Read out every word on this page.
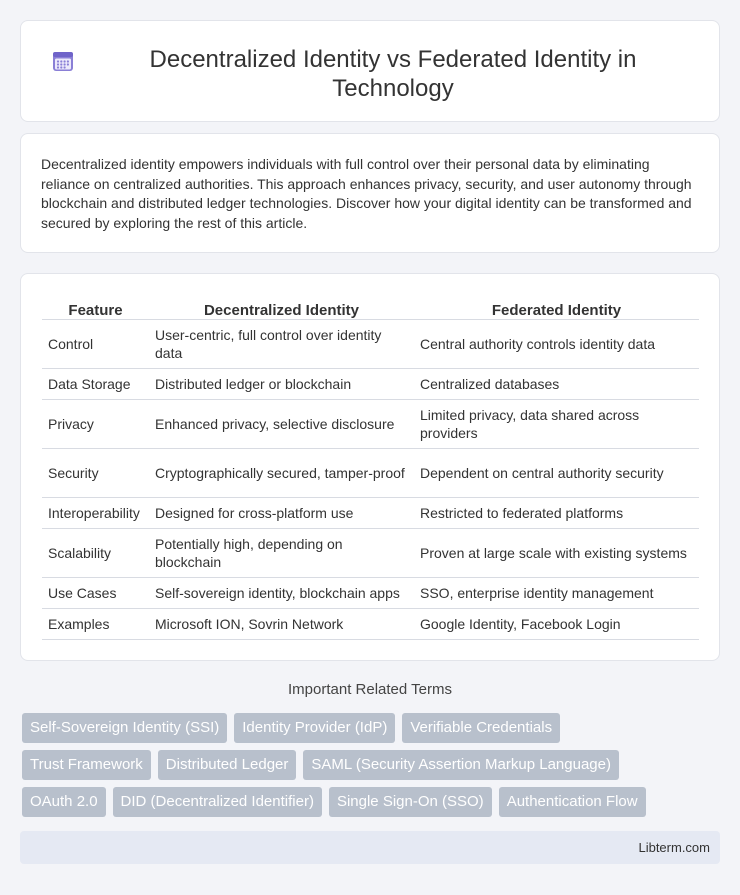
Decentralized Identity vs Federated Identity in Technology

Decentralized identity empowers individuals with full control over their personal data by eliminating reliance on centralized authorities. This approach enhances privacy, security, and user autonomy through blockchain and distributed ledger technologies. Discover how your digital identity can be transformed and secured by exploring the rest of this article.

Feature	Decentralized Identity	Federated Identity
Control	User-centric, full control over identity data	Central authority controls identity data
Data Storage	Distributed ledger or blockchain	Centralized databases
Privacy	Enhanced privacy, selective disclosure	Limited privacy, data shared across providers
Security	Cryptographically secured, tamper-proof	Dependent on central authority security
Interoperability	Designed for cross-platform use	Restricted to federated platforms
Scalability	Potentially high, depending on blockchain	Proven at large scale with existing systems
Use Cases	Self-sovereign identity, blockchain apps	SSO, enterprise identity management
Examples	Microsoft ION, Sovrin Network	Google Identity, Facebook Login
Important Related Terms
Self-Sovereign Identity (SSI)	Identity Provider (IdP)	Verifiable Credentials
Trust Framework	Distributed Ledger	SAML (Security Assertion Markup Language)
OAuth 2.0	DID (Decentralized Identifier)	Single Sign-On (SSO)	Authentication Flow
Libterm.com
